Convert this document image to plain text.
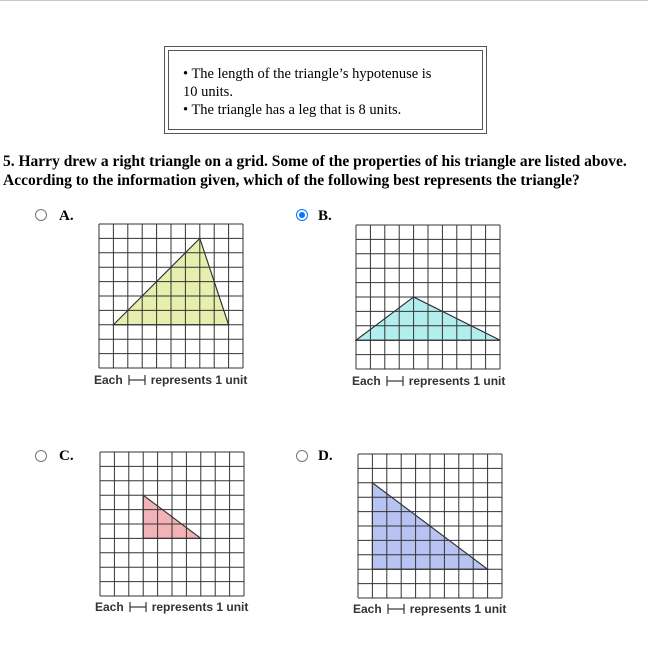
• The length of the triangle’s hypotenuse is
10 units.
• The triangle has a leg that is 8 units.
5. Harry drew a right triangle on a grid. Some of the properties of his triangle are listed above.
According to the information given, which of the following best represents the triangle?
A.
Each represents 1 unit
B.
Each represents 1 unit
C.
Each represents 1 unit
D.
Each represents 1 unit
